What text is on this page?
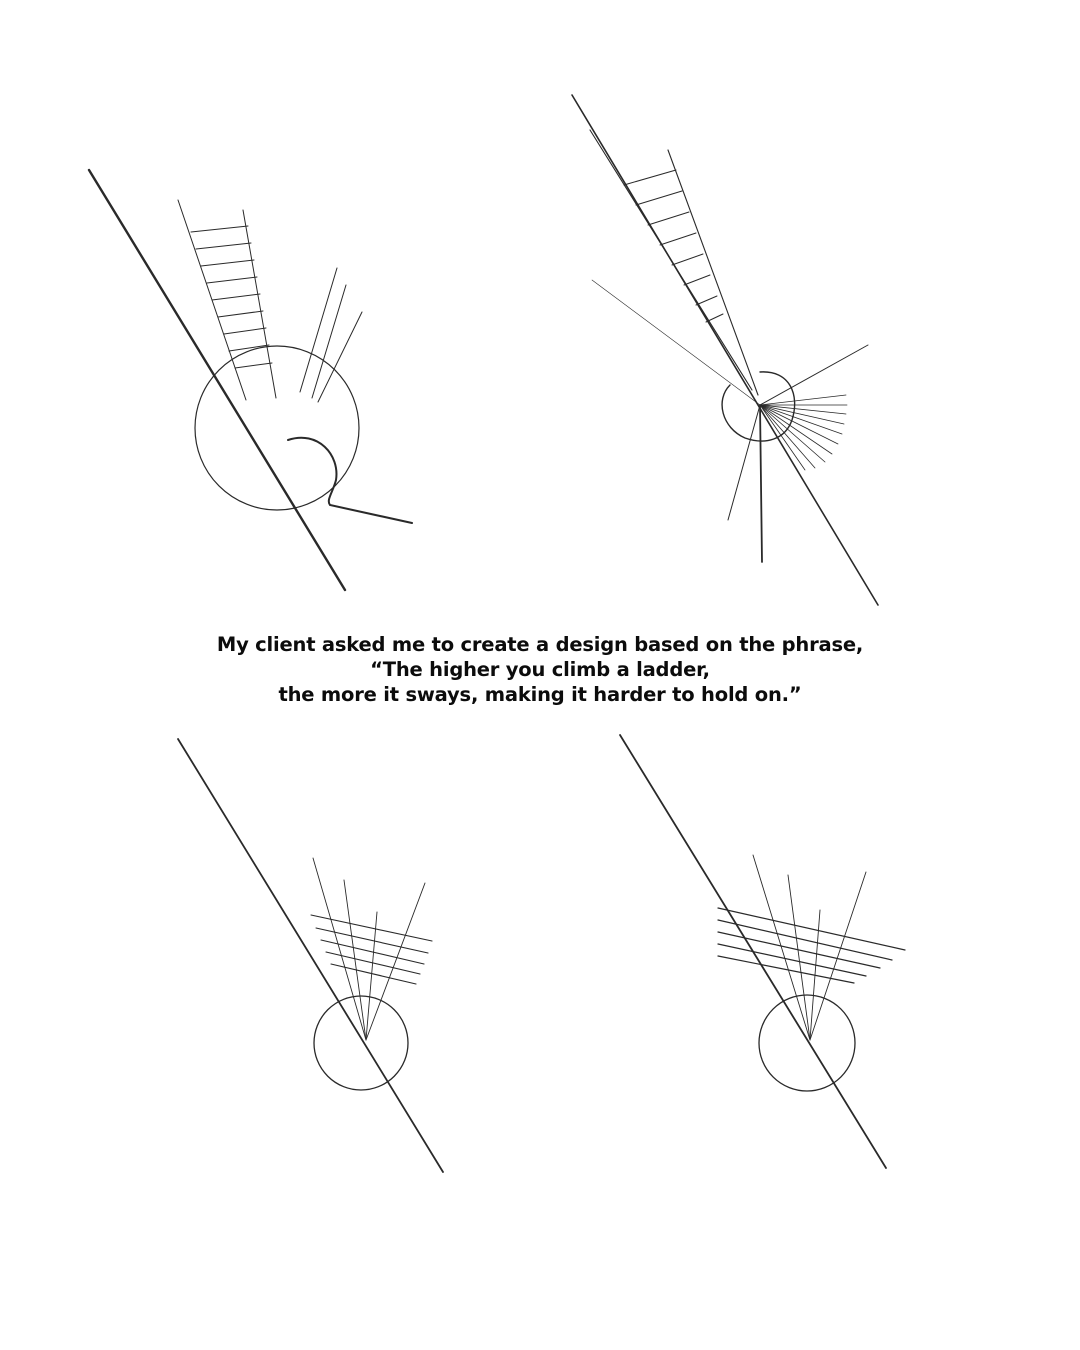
My client asked me to create a design based on the phrase,
“The higher you climb a ladder,
the more it sways, making it harder to hold on.”
